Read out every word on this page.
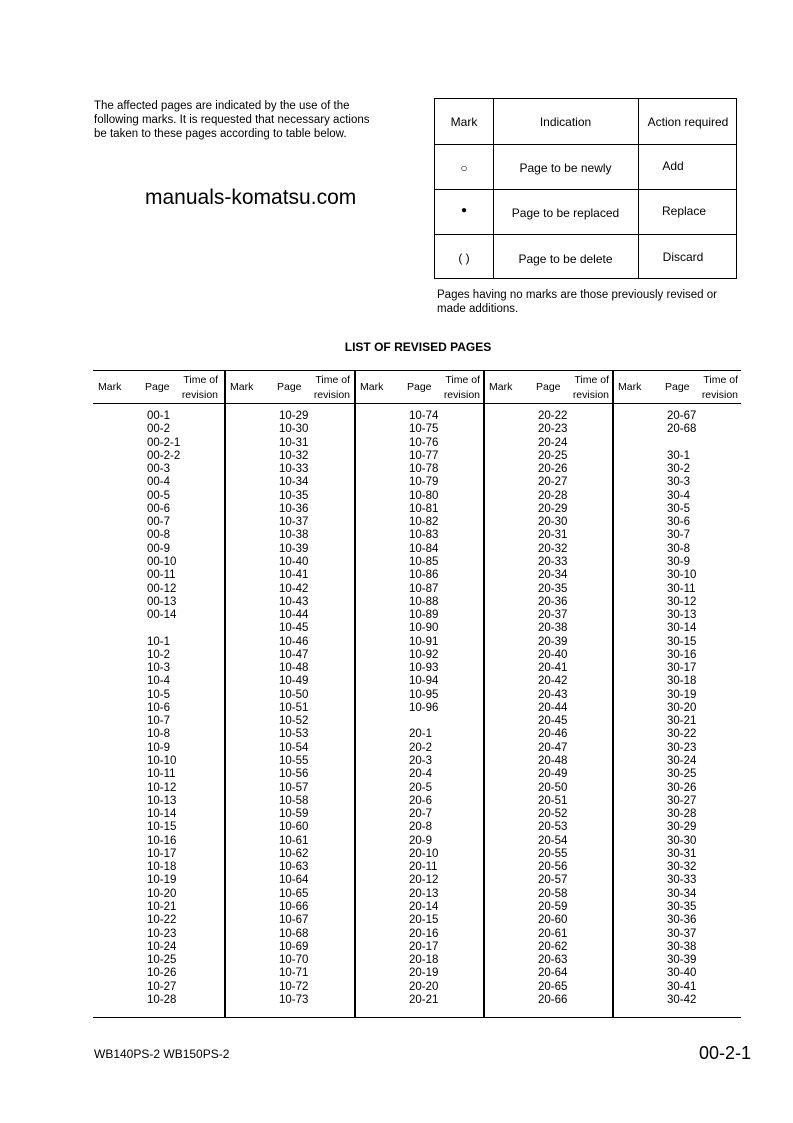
The affected pages are indicated by the use of the following marks. It is requested that necessary actions be taken to these pages according to table below.
manuals-komatsu.com
Mark	Indication	Action required
○	Page to be newly	Add
●	Page to be replaced	Replace
( )	Page to be delete	Discard
Pages having no marks are those previously revised or made additions.
LIST OF REVISED PAGES
Mark Page
Time of
revision
00-1
00-2
00-2-1
00-2-2
00-3
00-4
00-5
00-6
00-7
00-8
00-9
00-10
00-11
00-12
00-13
00-14
10-1
10-2
10-3
10-4
10-5
10-6
10-7
10-8
10-9
10-10
10-11
10-12
10-13
10-14
10-15
10-16
10-17
10-18
10-19
10-20
10-21
10-22
10-23
10-24
10-25
10-26
10-27
10-28
Mark Page
Time of
revision
10-29
10-30
10-31
10-32
10-33
10-34
10-35
10-36
10-37
10-38
10-39
10-40
10-41
10-42
10-43
10-44
10-45
10-46
10-47
10-48
10-49
10-50
10-51
10-52
10-53
10-54
10-55
10-56
10-57
10-58
10-59
10-60
10-61
10-62
10-63
10-64
10-65
10-66
10-67
10-68
10-69
10-70
10-71
10-72
10-73
Mark Page
Time of
revision
10-74
10-75
10-76
10-77
10-78
10-79
10-80
10-81
10-82
10-83
10-84
10-85
10-86
10-87
10-88
10-89
10-90
10-91
10-92
10-93
10-94
10-95
10-96
20-1
20-2
20-3
20-4
20-5
20-6
20-7
20-8
20-9
20-10
20-11
20-12
20-13
20-14
20-15
20-16
20-17
20-18
20-19
20-20
20-21
Mark Page
Time of
revision
20-22
20-23
20-24
20-25
20-26
20-27
20-28
20-29
20-30
20-31
20-32
20-33
20-34
20-35
20-36
20-37
20-38
20-39
20-40
20-41
20-42
20-43
20-44
20-45
20-46
20-47
20-48
20-49
20-50
20-51
20-52
20-53
20-54
20-55
20-56
20-57
20-58
20-59
20-60
20-61
20-62
20-63
20-64
20-65
20-66
Mark Page
Time of
revision
20-67
20-68
30-1
30-2
30-3
30-4
30-5
30-6
30-7
30-8
30-9
30-10
30-11
30-12
30-13
30-14
30-15
30-16
30-17
30-18
30-19
30-20
30-21
30-22
30-23
30-24
30-25
30-26
30-27
30-28
30-29
30-30
30-31
30-32
30-33
30-34
30-35
30-36
30-37
30-38
30-39
30-40
30-41
30-42
WB140PS-2 WB150PS-2	00-2-1
